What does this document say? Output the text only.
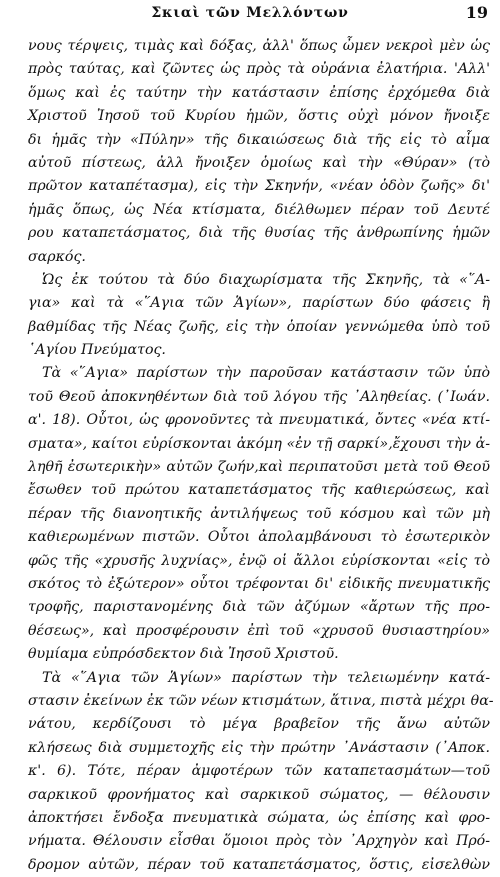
Σκιαὶ τῶν Μελλόντων	19
νους τέρψεις, τιμὰς καὶ δόξας, ἀλλ' ὅπως ὦμεν νεκροὶ μὲν ὡς
πρὸς ταύτας, καὶ ζῶντες ὡς πρὸς τὰ οὐράνια ἐλατήρια. 'Αλλ'
ὅμως καὶ ἐς ταύτην τὴν κατάστασιν ἐπίσης ἐρχόμεθα διὰ
Χριστοῦ Ἰησοῦ τοῦ Κυρίου ἡμῶν, ὅστις οὐχὶ μόνον ἤνοιξε
δι ἡμᾶς τὴν «Πύλην» τῆς δικαιώσεως διὰ τῆς εἰς τὸ αἷμα
αὐτοῦ πίστεως, ἀλλ ἤνοιξεν ὁμοίως καὶ τὴν «Θύραν» (τὸ
πρῶτον καταπέτασμα), εἰς τὴν Σκηνήν, «νέαν ὁδὸν ζωῆς» δι'
ἡμᾶς ὅπως, ὡς Νέα κτίσματα, διέλθωμεν πέραν τοῦ Δευτέ
ρου καταπετάσματος, διὰ τῆς θυσίας τῆς ἀνθρωπίνης ἡμῶν
σαρκός.
Ὡς ἐκ τούτου τὰ δύο διαχωρίσματα τῆς Σκηνῆς, τὰ «῞Α-
για» καὶ τὰ «῞Αγια τῶν Ἁγίων», παρίστων δύο φάσεις ἢ
βαθμίδας τῆς Νέας ζωῆς, εἰς τὴν ὁποίαν γεννώμεθα ὑπὸ τοῦ
῾Αγίου Πνεύματος.
Τὰ «῞Αγια» παρίστων τὴν παροῦσαν κατάστασιν τῶν ὑπὸ
τοῦ Θεοῦ ἀποκνηθέντων διὰ τοῦ λόγου τῆς ᾿Αληθείας. (᾿Ιωάν.
α'. 18). Οὗτοι, ὡς φρονοῦντες τὰ πνευματικά, ὄντες «νέα κτί-
σματα», καίτοι εὑρίσκονται ἀκόμη «ἐν τῇ σαρκί»,ἔχουσι τὴν ἀ-
ληθῆ ἐσωτερικὴν» αὐτῶν ζωήν,καὶ περιπατοῦσι μετὰ τοῦ Θεοῦ
ἔσωθεν τοῦ πρώτου καταπετάσματος τῆς καθιερώσεως, καὶ
πέραν τῆς διανοητικῆς ἀντιλήψεως τοῦ κόσμου καὶ τῶν μὴ
καθιερωμένων πιστῶν. Οὗτοι ἀπολαμβάνουσι τὸ ἐσωτερικὸν
φῶς τῆς «χρυσῆς λυχνίας», ἐνῷ οἱ ἄλλοι εὑρίσκονται «εἰς τὸ
σκότος τὸ ἐξώτερον» οὗτοι τρέφονται δι' εἰδικῆς πνευματικῆς
τροφῆς, παριστανομένης διὰ τῶν ἀζύμων «ἄρτων τῆς προ-
θέσεως», καὶ προσφέρουσιν ἐπὶ τοῦ «χρυσοῦ θυσιαστηρίου»
θυμίαμα εὐπρόσδεκτον διὰ Ἰησοῦ Χριστοῦ.
Τὰ «῞Αγια τῶν Ἁγίων» παρίστων τὴν τελειωμένην κατά-
στασιν ἐκείνων ἐκ τῶν νέων κτισμάτων, ἅτινα, πιστὰ μέχρι θα-
νάτου, κερδίζουσι τὸ μέγα βραβεῖον τῆς ἄνω αὐτῶν
κλήσεως διὰ συμμετοχῆς εἰς τὴν πρώτην ᾿Ανάστασιν (᾿Αποκ.
κ'. 6). Τότε, πέραν ἀμφοτέρων τῶν καταπετασμάτων—τοῦ
σαρκικοῦ φρονήματος καὶ σαρκικοῦ σώματος, — θέλουσιν
ἀποκτήσει ἔνδοξα πνευματικὰ σώματα, ὡς ἐπίσης καὶ φρο-
νήματα. Θέλουσιν εἶσθαι ὅμοιοι πρὸς τὸν ᾿Αρχηγὸν καὶ Πρό-
δρομον αὐτῶν, πέραν τοῦ καταπετάσματος, ὅστις, εἰσελθὼν
